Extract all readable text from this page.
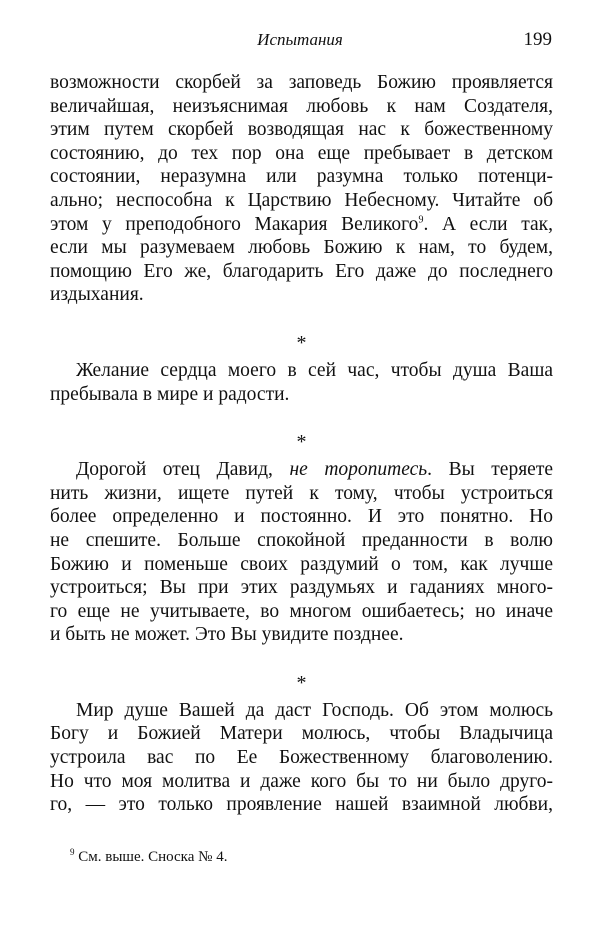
Испытания	199
возможности скорбей за заповедь Божию проявляется
величайшая, неизъяснимая любовь к нам Создателя,
этим путем скорбей возводящая нас к божественному
состоянию, до тех пор она еще пребывает в детском
состоянии, неразумна или разумна только потенци-
ально; неспособна к Царствию Небесному. Читайте об
этом у преподобного Макария Великого$^9$. А если так,
если мы разумеваем любовь Божию к нам, то будем,
помощию Его же, благодарить Его даже до последнего
издыхания.
*
Желание сердца моего в сей час, чтобы душа Ваша
пребывала в мире и радости.
*
Дорогой отец Давид, не торопитесь. Вы теряете
нить жизни, ищете путей к тому, чтобы устроиться
более определенно и постоянно. И это понятно. Но
не спешите. Больше спокойной преданности в волю
Божию и поменьше своих раздумий о том, как лучше
устроиться; Вы при этих раздумьях и гаданиях много-
го еще не учитываете, во многом ошибаетесь; но иначе
и быть не может. Это Вы увидите позднее.
*
Мир душе Вашей да даст Господь. Об этом молюсь
Богу и Божией Матери молюсь, чтобы Владычица
устроила вас по Ее Божественному благоволению.
Но что моя молитва и даже кого бы то ни было друго-
го, — это только проявление нашей взаимной любви,
$^9$ См. выше. Сноска № 4.
